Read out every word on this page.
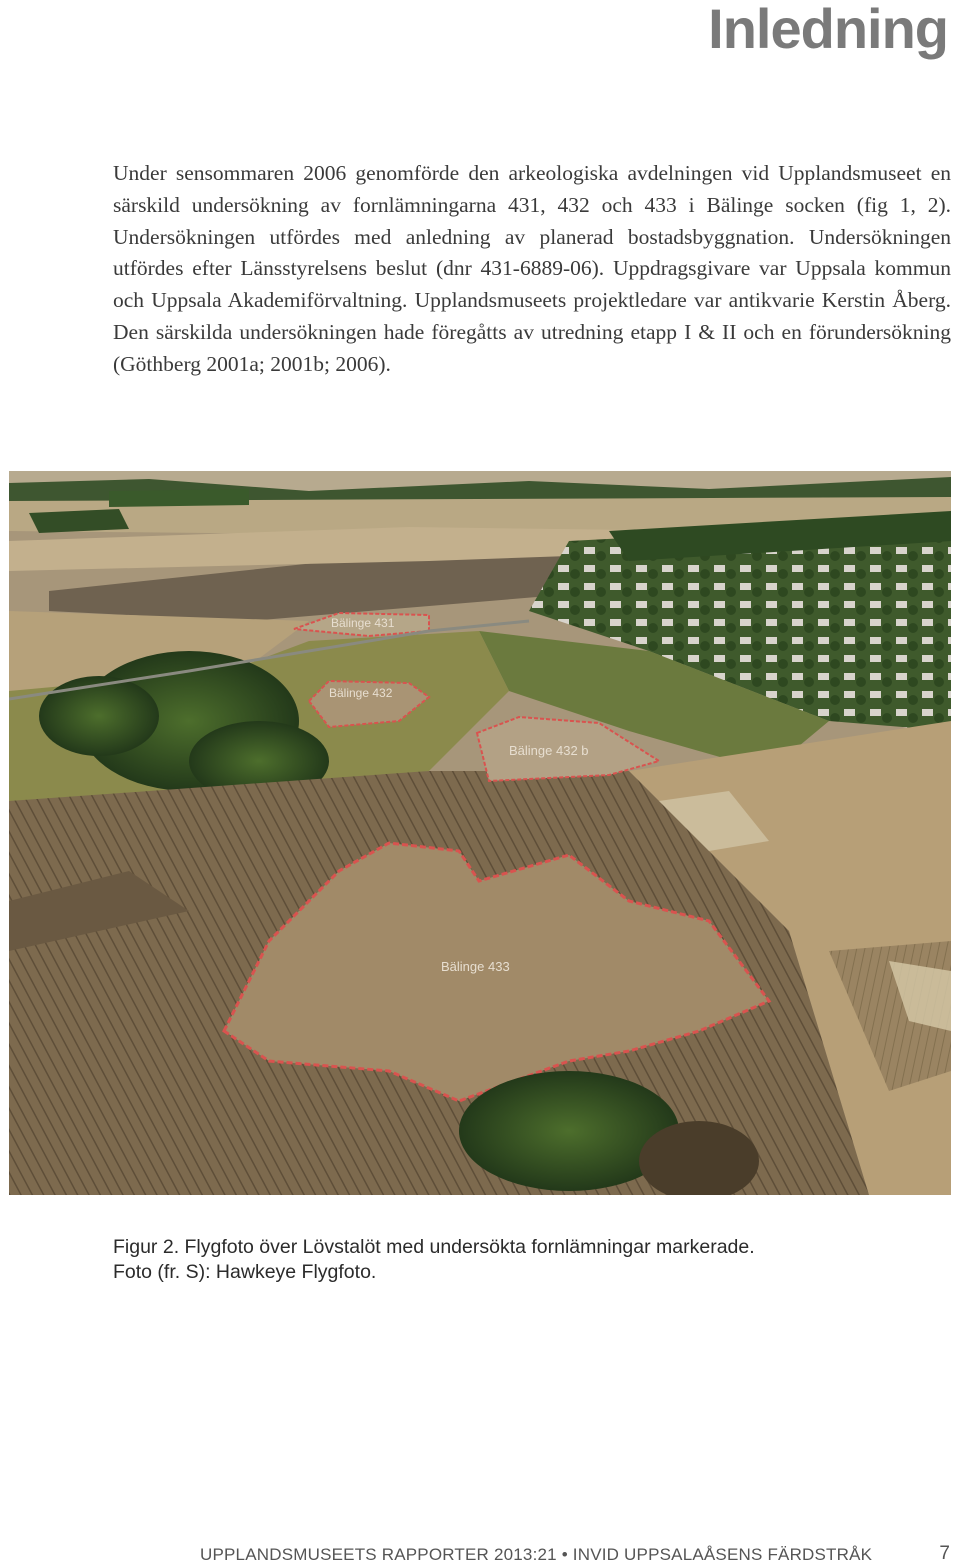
Inledning

Under sensommaren 2006 genomförde den arkeologiska avdelningen vid Upplandsmuseet en särskild undersökning av fornlämningarna 431, 432 och 433 i Bälinge socken (fig 1, 2). Undersökningen utfördes med anledning av planerad bostadsbyggnation. Undersökningen utfördes efter Länsstyrelsens beslut (dnr 431-6889-06). Uppdragsgivare var Uppsala kommun och Uppsala Akademiförvaltning. Upplandsmuseets projektledare var antikvarie Kerstin Åberg. Den särskilda undersökningen hade föregåtts av utredning etapp I & II och en förundersökning (Göthberg 2001a; 2001b; 2006).

Bälinge 431
Bälinge 432
Bälinge 432 b
Bälinge 433
Figur 2. Flygfoto över Lövstalöt med undersökta fornlämningar markerade.
Foto (fr. S): Hawkeye Flygfoto.
UPPLANDSMUSEETS RAPPORTER 2013:21 • INVID UPPSALAÅSENS FÄRDSTRÅK	7
